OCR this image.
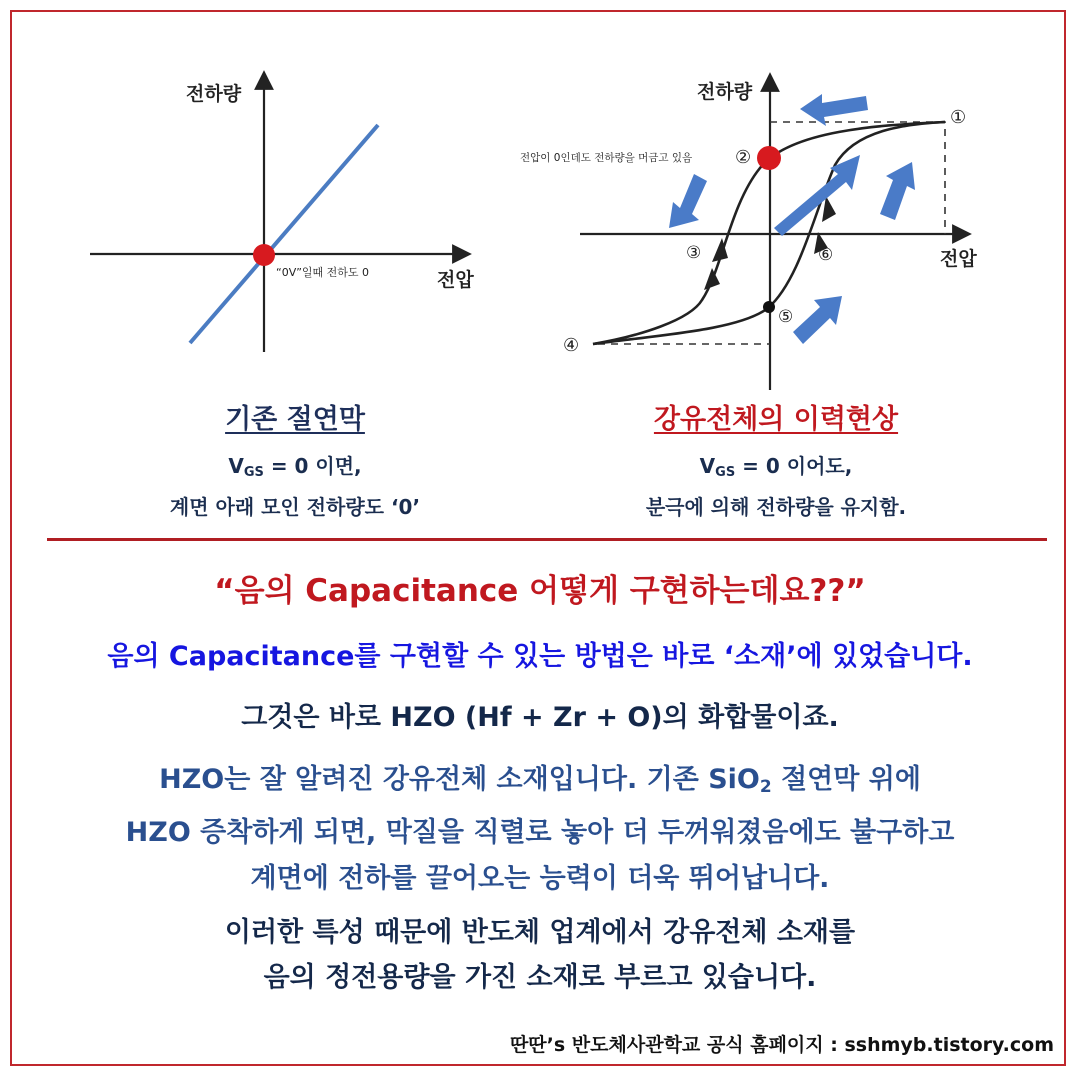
전하량
전압
“0V”일때 전하도 0
전하량
전압
전압이 0인데도 전하량을 머금고 있음
①
②
③
④
⑤
⑥
기존 절연막
$V_{GS} = 0$ 이면,
계면 아래 모인 전하량도 ‘0’
강유전체의 이력현상
$V_{GS} = 0$ 이어도,
분극에 의해 전하량을 유지함.
“음의 Capacitance 어떻게 구현하는데요??”
음의 Capacitance를 구현할 수 있는 방법은 바로 ‘소재’에 있었습니다.
그것은 바로 HZO (Hf + Zr + O)의 화합물이죠.
HZO는 잘 알려진 강유전체 소재입니다. 기존 SiO$_2$ 절연막 위에
HZO 증착하게 되면, 막질을 직렬로 놓아 더 두꺼워졌음에도 불구하고
계면에 전하를 끌어오는 능력이 더욱 뛰어납니다.
이러한 특성 때문에 반도체 업계에서 강유전체 소재를
음의 정전용량을 가진 소재로 부르고 있습니다.
딴딴’s 반도체사관학교 공식 홈페이지 : sshmyb.tistory.com
